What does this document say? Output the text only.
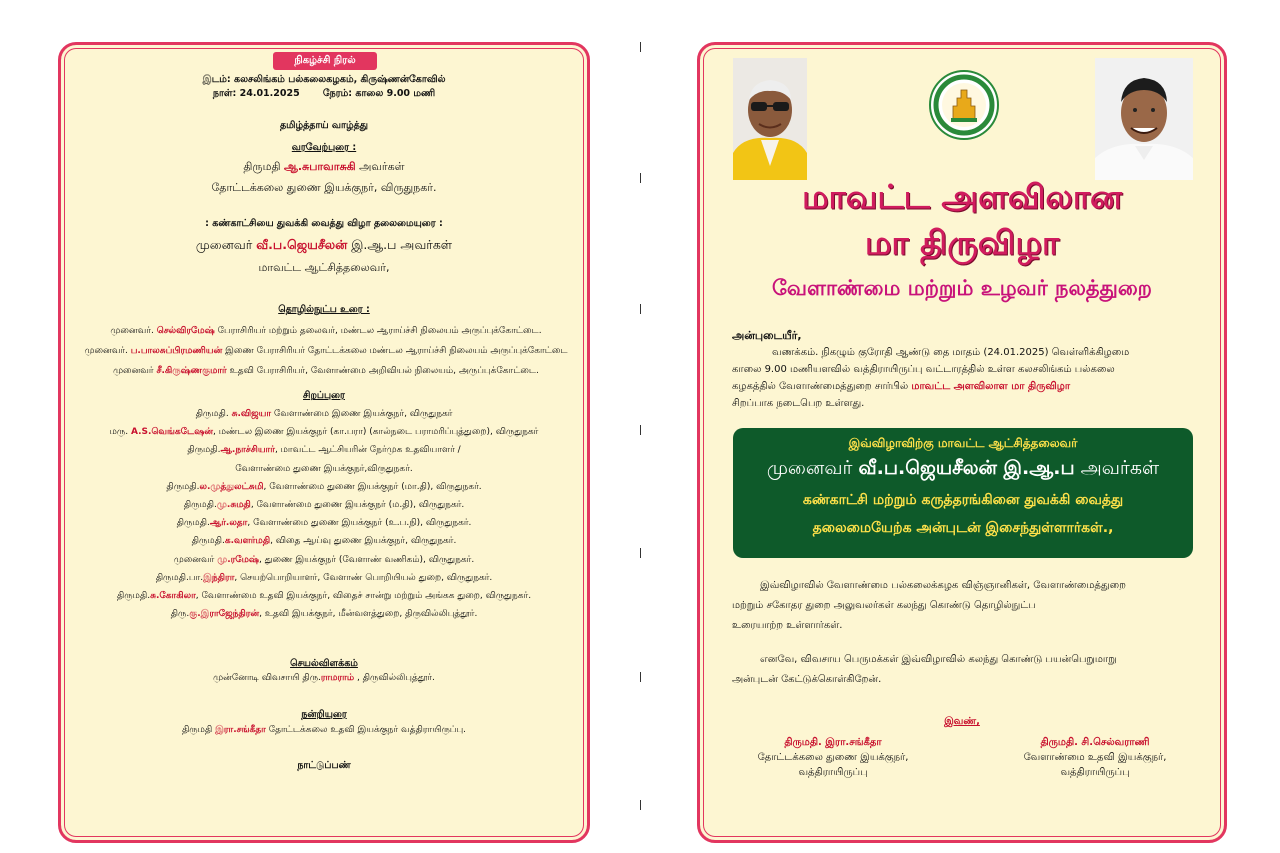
நிகழ்ச்சி நிரல்
இடம்: கலசலிங்கம் பல்கலைகழகம், கிருஷ்ணன்கோவில்
நாள்: 24.01.2025 நேரம்: காலை 9.00 மணி
தமிழ்த்தாய் வாழ்த்து
வரவேற்புரை :
திருமதி ஆ.சுபாவாசுகி அவர்கள்
தோட்டக்கலை துணை இயக்குநர், விருதுநகர்.
: கண்காட்சியை துவக்கி வைத்து விழா தலைமையுரை :
முனைவர் வீ.ப.ஜெயசீலன் இ.ஆ.ப அவர்கள்
மாவட்ட ஆட்சித்தலைவர்,
தொழில்நுட்ப உரை :
முனைவர். செல்விரமேஷ் பேராசிரியர் மற்றும் தலைவர், மண்டல ஆராய்ச்சி நிலையம் அருப்புக்கோட்டை.
முனைவர். ப.பாலசுப்பிரமணியன் இணை பேராசிரியர் தோட்டக்கலை மண்டல ஆராய்ச்சி நிலையம் அருப்புக்கோட்டை
முனைவர் சீ.கிருஷ்ணகுமார் உதவி பேராசிரியர், வேளாண்மை அறிவியல் நிலையம், அருப்புக்கோட்டை.
சிறப்புரை
திருமதி. சு.விஜயா வேளாண்மை இணை இயக்குநர், விருதுநகர்
மரு. A.S.வெங்கடேஷன், மண்டல இணை இயக்குநர் (கா.பரா) (கால்நடை பராமரிப்புத்துறை), விருதுநகர்
திருமதி.ஆ.நாச்சியார், மாவட்ட ஆட்சியரின் நேர்முக உதவியாளர் /
வேளாண்மை துணை இயக்குநர்,விருதுநகர்.
திருமதி.ல.முத்துலட்சுமி, வேளாண்மை துணை இயக்குநர் (மா.தி), விருதுநகர்.
திருமதி.மு.சுமதி, வேளாண்மை துணை இயக்குநர் (ம.தி), விருதுநகர்.
திருமதி.ஆர்.லதா, வேளாண்மை துணை இயக்குநர் (உ.ப.நி), விருதுநகர்.
திருமதி.க.வளர்மதி, விதை ஆய்வு துணை இயக்குநர், விருதுநகர்.
முனைவர் மு.ரமேஷ், துணை இயக்குநர் (வேளாண் வணிகம்), விருதுநகர்.
திருமதி.பா.இந்திரா, செயற்பொறியாளர், வேளாண் பொறியியல் துறை, விருதுநகர்.
திருமதி.சு.கோகிலா, வேளாண்மை உதவி இயக்குநர், விதைச் சான்று மற்றும் அங்கக துறை, விருதுநகர்.
திரு.கு.இராஜேந்திரன், உதவி இயக்குநர், மீன்வளத்துறை, திருவில்லிபுத்தூர்.
செயல்விளக்கம்
முன்னோடி விவசாயி திரு.ராமராம் , திருவில்லிபுத்தூர்.
நன்றியுரை
திருமதி இரா.சங்கீதா தோட்டக்கலை உதவி இயக்குநர் வத்திராயிருப்பு.
நாட்டுப்பண்
மாவட்ட அளவிலான
மா திருவிழா
வேளாண்மை மற்றும் உழவர் நலத்துறை
அன்புடையீர்,
வணக்கம். நிகழும் குரோதி ஆண்டு தை மாதம் (24.01.2025) வெள்ளிக்கிழமை
காலை 9.00 மணியளவில் வத்திராயிருப்பு வட்டாரத்தில் உள்ள கலசலிங்கம் பல்கலை
கழகத்தில் வேளாண்மைத்துறை சார்பில் மாவட்ட அளவிலாள மா திருவிழா
சிறப்பாக நடைபெற உள்ளது.
இவ்விழாவிற்கு மாவட்ட ஆட்சித்தலைவர்
முனைவர் வீ.ப.ஜெயசீலன் இ.ஆ.ப அவர்கள்
கண்காட்சி மற்றும் கருத்தரங்கினை துவக்கி வைத்து
தலைமையேற்க அன்புடன் இசைந்துள்ளார்கள்.,
இவ்விழாவில் வேளாண்மை பல்கலைக்கழக விஞ்ஞானிகள், வேளாண்மைத்துறை
மற்றும் சகோதர துறை அலுவலர்கள் கலந்து கொண்டு தொழில்நுட்ப
உரையாற்ற உள்ளார்கள்.
எனவே, விவசாய பெருமக்கள் இவ்விழாவில் கலந்து கொண்டு பயன்பெறுமாறு
அன்புடன் கேட்டுக்கொள்கிறேன்.
இவண்,
திருமதி. இரா.சங்கீதா
தோட்டக்கலை துணை இயக்குநர்,
வத்திராயிருப்பு
திருமதி. சி.செல்வராணி
வேளாண்மை உதவி இயக்குநர்,
வத்திராயிருப்பு
